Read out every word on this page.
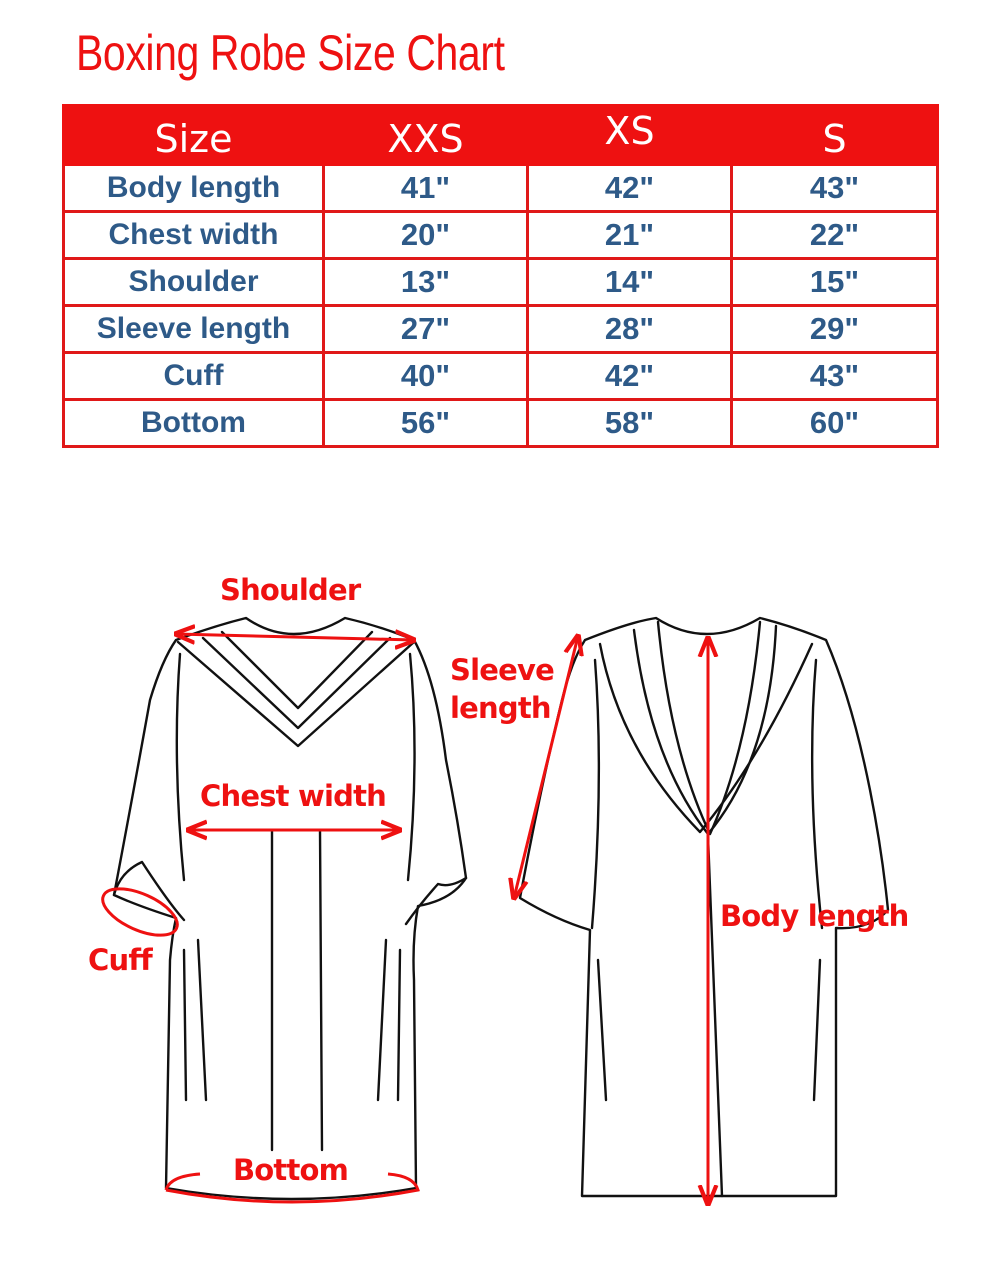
Boxing Robe Size Chart
Size	XXS	XS	S
Body length	41"	42"	43"
Chest width	20"	21"	22"
Shoulder	13"	14"	15"
Sleeve length	27"	28"	29"
Cuff	40"	42"	43"
Bottom	56"	58"	60"
Shoulder
Chest width
Cuff
Bottom
Sleeve
length
Body length
